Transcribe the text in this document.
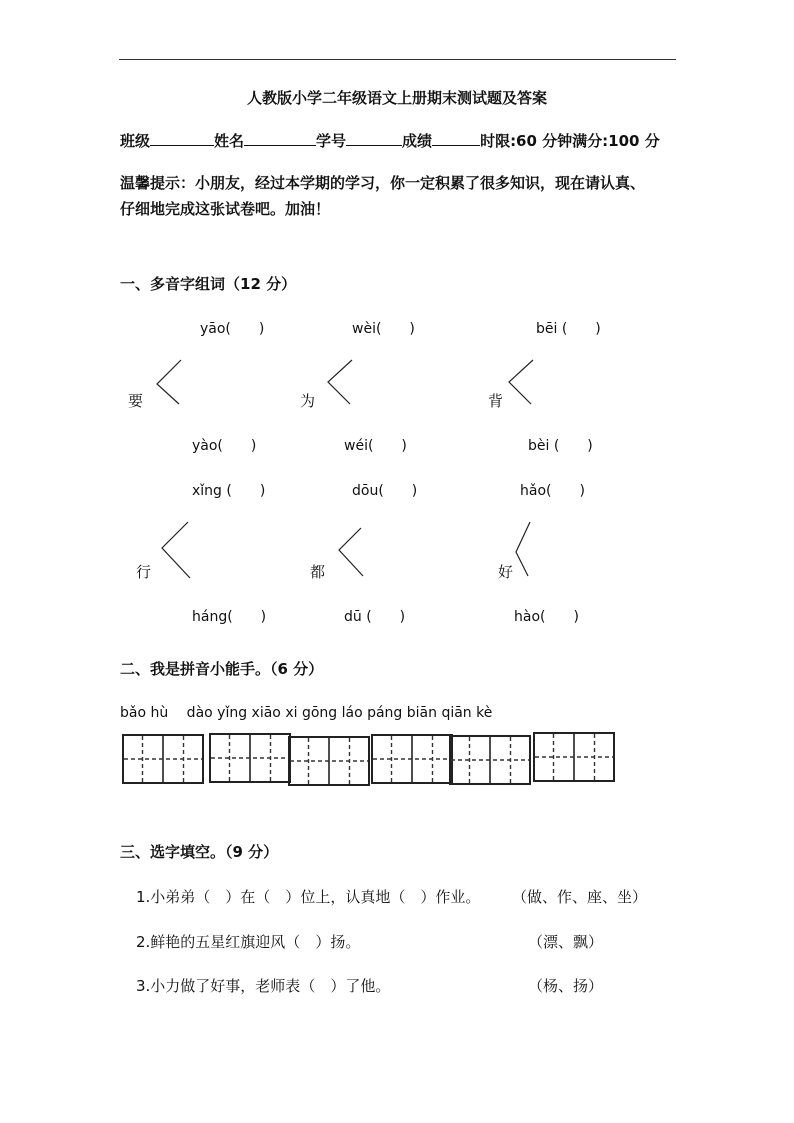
人教版小学二年级语文上册期末测试题及答案
班级	姓名	学号	成绩	时限:60 分钟满分:100 分
温馨提示：小朋友，经过本学期的学习，你一定积累了很多知识，现在请认真、
仔细地完成这张试卷吧。加油！
一、多音字组词（12 分）
yāo(　　)	wèi(　　)	bēi (　　)
要	为	背
yào(　　)	wéi(　　)	bèi (　　)
xǐng (　　)	dōu(　　)	hǎo(　　)
行	都	好
háng(　　)	dū (　　)	hào(　　)
二、我是拼音小能手。（6 分）
bǎo hù　 dào yǐng xiāo xi gōng láo páng biān qiān kè
三、选字填空。（9 分）
1.小弟弟（　）在（　）位上，认真地（　）作业。 （做、作、座、坐）
2.鲜艳的五星红旗迎风（　）扬。	（漂、飘）
3.小力做了好事，老师表（　）了他。	（杨、扬）
